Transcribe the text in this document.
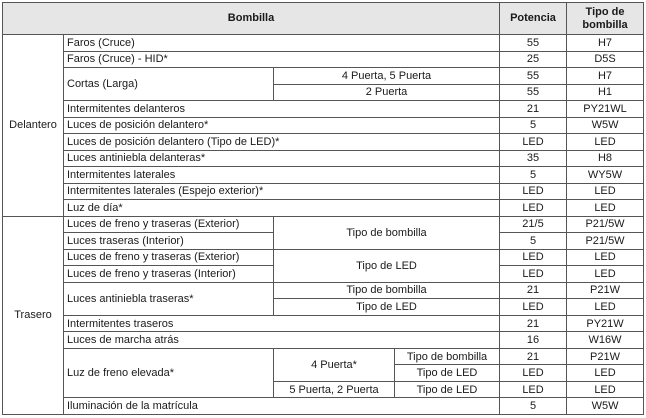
Bombilla				Potencia	Tipo de
bombilla
Delantero	Faros (Cruce)			55	H7
	Faros (Cruce) - HID*			25	D5S
	Cortas (Larga)	4 Puerta, 5 Puerta		55	H7
		2 Puerta		55	H1
	Intermitentes delanteros			21	PY21WL
	Luces de posición delantero*			5	W5W
	Luces de posición delantero (Tipo de LED)*			LED	LED
	Luces antiniebla delanteras*			35	H8
	Intermitentes laterales			5	WY5W
	Intermitentes laterales (Espejo exterior)*			LED	LED
	Luz de día*			LED	LED
Trasero	Luces de freno y traseras (Exterior)	Tipo de bombilla		21/5	P21/5W
	Luces traseras (Interior)			5	P21/5W
	Luces de freno y traseras (Exterior)	Tipo de LED		LED	LED
	Luces de freno y traseras (Interior)			LED	LED
	Luces antiniebla traseras*	Tipo de bombilla		21	P21W
		Tipo de LED		LED	LED
	Intermitentes traseros			21	PY21W
	Luces de marcha atrás			16	W16W
	Luz de freno elevada*	4 Puerta*	Tipo de bombilla	21	P21W
			Tipo de LED	LED	LED
		5 Puerta, 2 Puerta	Tipo de LED	LED	LED
	Iluminación de la matrícula			5	W5W
